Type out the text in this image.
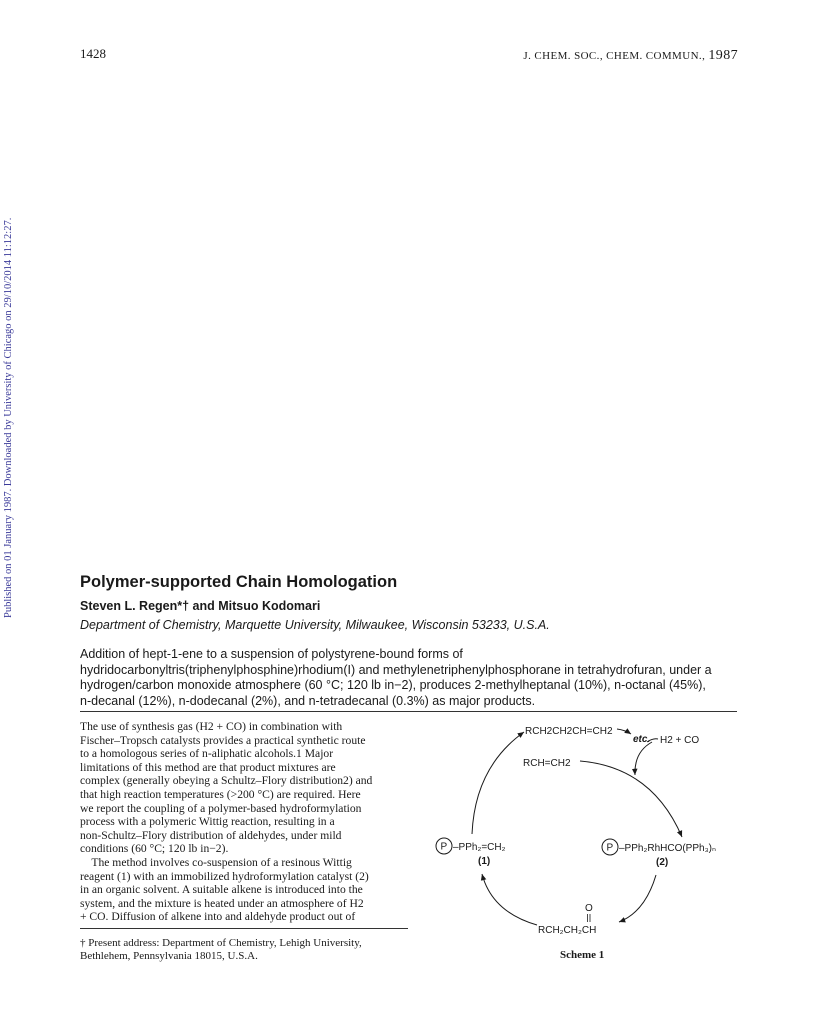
1428	J. CHEM. SOC., CHEM. COMMUN., 1987
Published on 01 January 1987. Downloaded by University of Chicago on 29/10/2014 11:12:27.	Polymer-supported Chain Homologation
Steven L. Regen*† and Mitsuo Kodomari
Department of Chemistry, Marquette University, Milwaukee, Wisconsin 53233, U.S.A.
Addition of hept-1-ene to a suspension of polystyrene-bound forms of
hydridocarbonyltris(triphenylphosphine)rhodium(I) and methylenetriphenylphosphorane in tetrahydrofuran, under a
hydrogen/carbon monoxide atmosphere (60 °C; 120 lb in−2), produces 2-methylheptanal (10%), n-octanal (45%),
n-decanal (12%), n-dodecanal (2%), and n-tetradecanal (0.3%) as major products.
The use of synthesis gas (H2 + CO) in combination with
Fischer–Tropsch catalysts provides a practical synthetic route
to a homologous series of n-aliphatic alcohols.1 Major
limitations of this method are that product mixtures are
complex (generally obeying a Schultz–Flory distribution2) and
that high reaction temperatures (>200 °C) are required. Here
we report the coupling of a polymer-based hydroformylation
process with a polymeric Wittig reaction, resulting in a
non-Schultz–Flory distribution of aldehydes, under mild
conditions (60 °C; 120 lb in−2).
The method involves co-suspension of a resinous Wittig
reagent (1) with an immobilized hydroformylation catalyst (2)
in an organic solvent. A suitable alkene is introduced into the
system, and the mixture is heated under an atmosphere of H2
+ CO. Diffusion of alkene into and aldehyde product out of
† Present address: Department of Chemistry, Lehigh University,
Bethlehem, Pennsylvania 18015, U.S.A.
RCH2CH2CH=CH2
etc. H2 + CO
RCH=CH2
P –PPh₂=CH₂
(1)
P –PPh₂RhHCO(PPh₃)ₙ
(2)
O
RCH₂CH₂CH
Scheme 1
